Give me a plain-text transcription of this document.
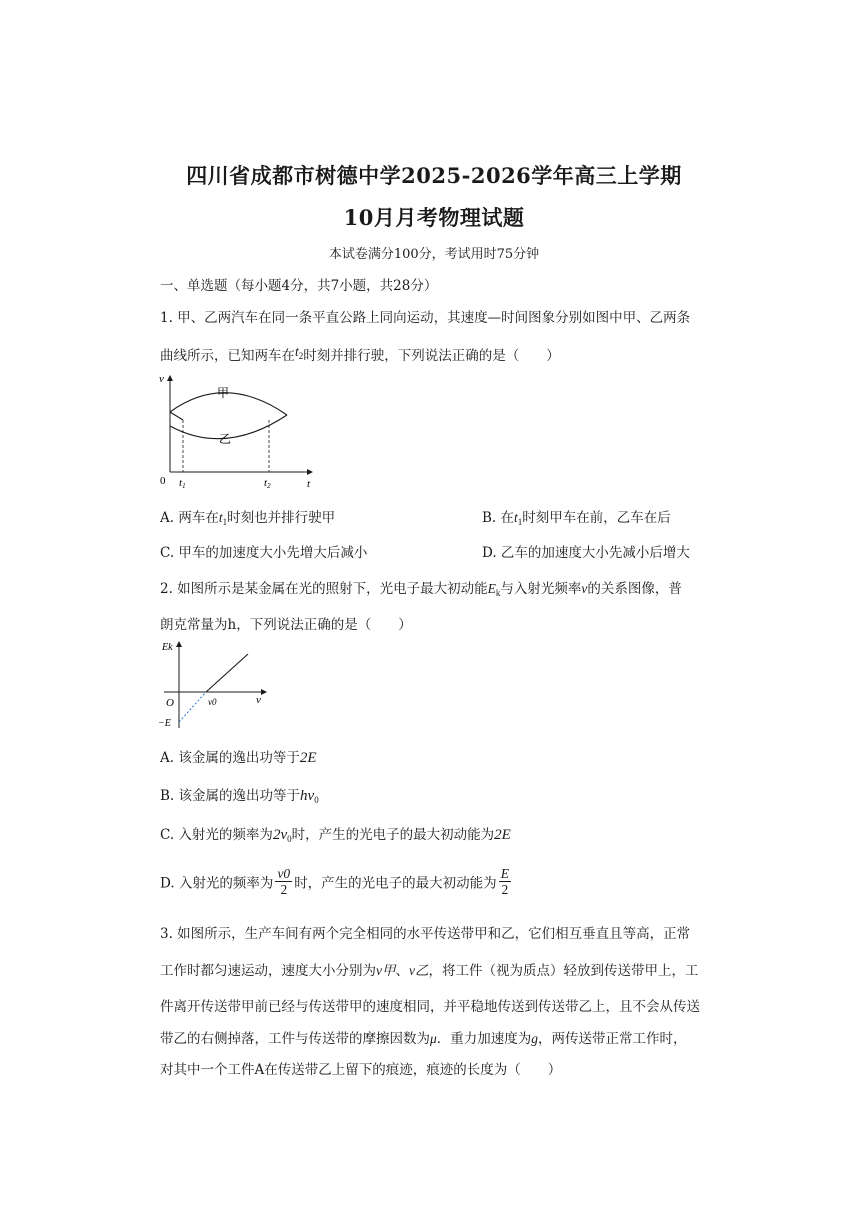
四川省成都市树德中学2025-2026学年高三上学期
10月月考物理试题
本试卷满分100分，考试用时75分钟
一、单选题（每小题4分，共7小题，共28分）
1. 甲、乙两汽车在同一条平直公路上同向运动，其速度—时间图象分别如图中甲、乙两条
曲线所示，已知两车在$t_2$时刻并排行驶，下列说法正确的是（　　）
v
t
0
甲
乙
t1	t2
A. 两车在$t_1$时刻也并排行驶甲	B. 在$t_1$时刻甲车在前，乙车在后
C. 甲车的加速度大小先增大后减小	D. 乙车的加速度大小先减小后增大
2. 如图所示是某金属在光的照射下，光电子最大初动能$E_k$与入射光频率ν的关系图像，普
朗克常量为h，下列说法正确的是（　　）
Ek
O	ν0	ν
−E
A. 该金属的逸出功等于2E
B. 该金属的逸出功等于$h\nu_0$
C. 入射光的频率为$2\nu_0$时，产生的光电子的最大初动能为2E
D. 入射光的频率为 $\frac{\nu 0}{2}$ 时，产生的光电子的最大初动能为 $\frac{E}{2}$
3. 如图所示，生产车间有两个完全相同的水平传送带甲和乙，它们相互垂直且等高，正常
工作时都匀速运动，速度大小分别为v甲、v乙，将工件（视为质点）轻放到传送带甲上，工
件离开传送带甲前已经与传送带甲的速度相同，并平稳地传送到传送带乙上，且不会从传送
带乙的右侧掉落，工件与传送带的摩擦因数为μ．重力加速度为g，两传送带正常工作时，
对其中一个工件A在传送带乙上留下的痕迹，痕迹的长度为（　　）
